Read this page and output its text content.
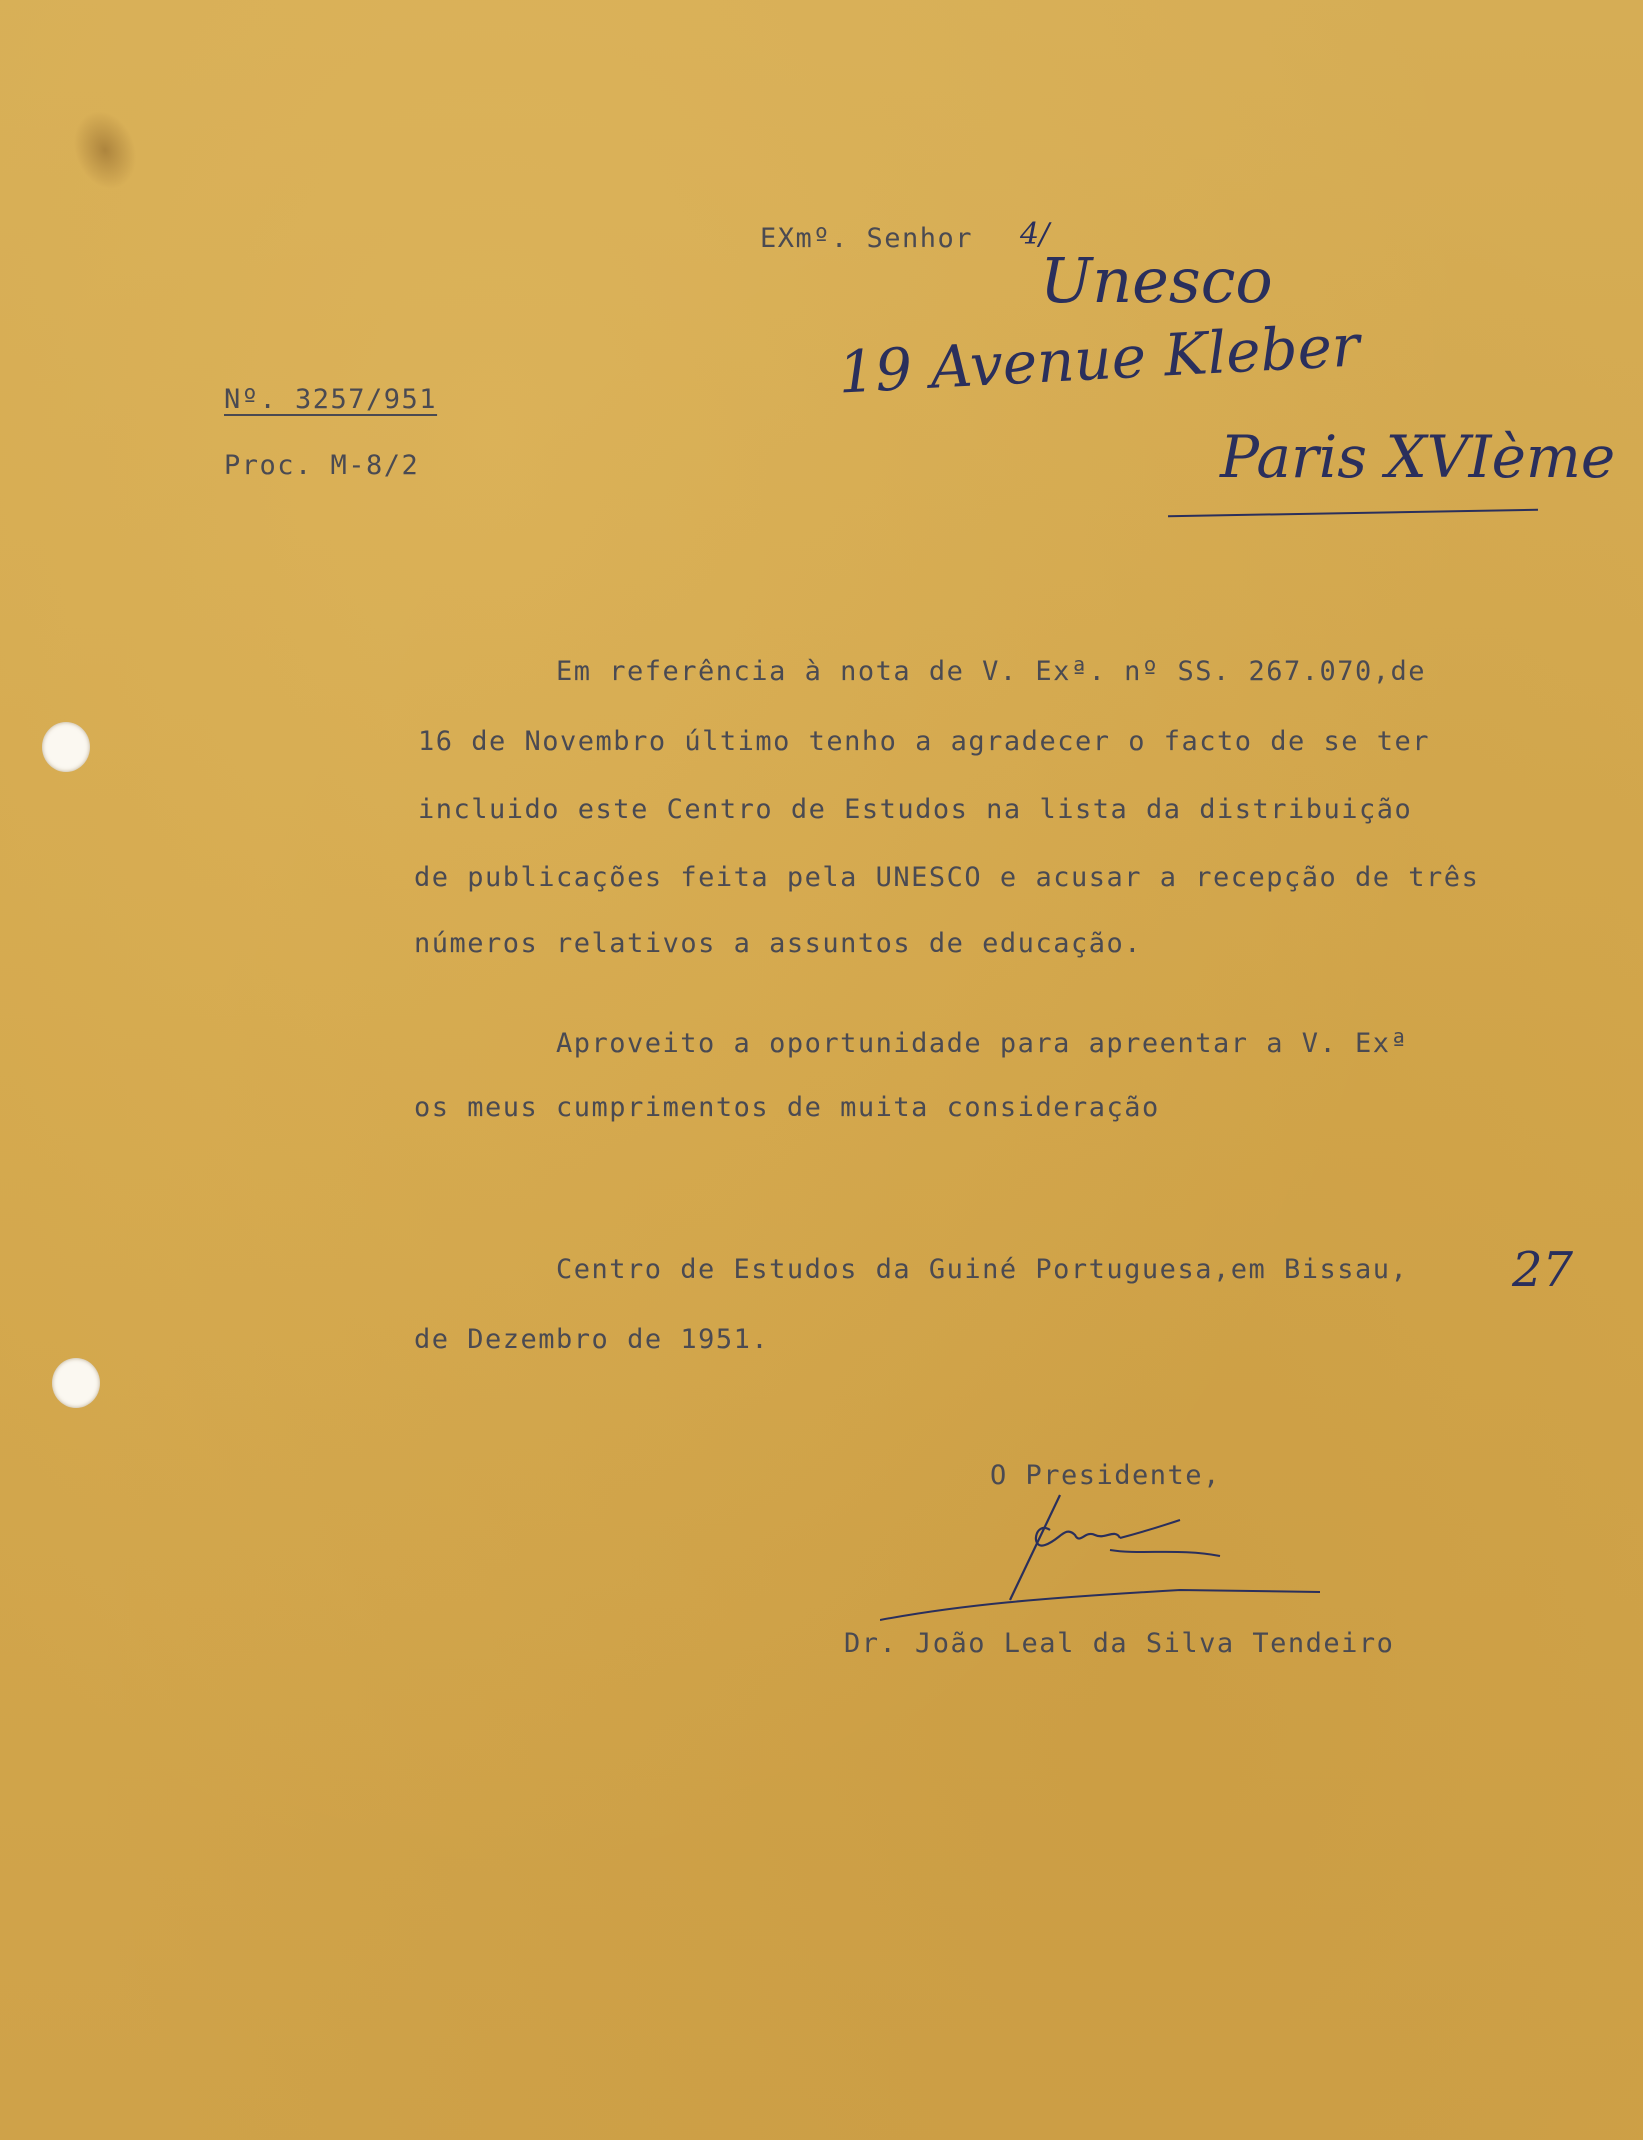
EXmº. Senhor 4/
Nº. 3257/951
Proc. M-8/2
Unesco
19 Avenue Kleber
Paris XVIème
Em referência à nota de V. Exª. nº SS. 267.070,de
16 de Novembro último tenho a agradecer o facto de se ter
incluido este Centro de Estudos na lista da distribuição
de publicações feita pela UNESCO e acusar a recepção de três
números relativos a assuntos de educação.
Aproveito a oportunidade para apreentar a V. Exª
os meus cumprimentos de muita consideração
Centro de Estudos da Guiné Portuguesa,em Bissau, 27
de Dezembro de 1951.
O Presidente,
Dr. João Leal da Silva Tendeiro
